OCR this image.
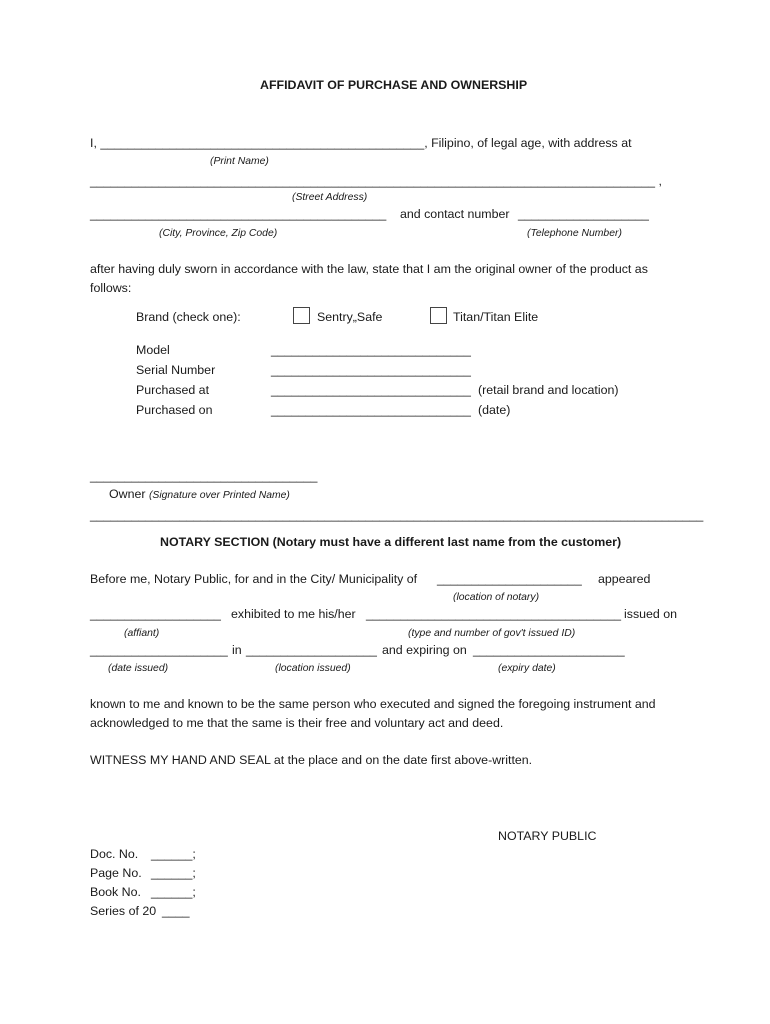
AFFIDAVIT OF PURCHASE AND OWNERSHIP
I, _______________________________________________, Filipino, of legal age, with address at
(Print Name)
__________________________________________________________________________________ ,
(Street Address)
___________________________________________ and contact number ___________________
(City, Province, Zip Code)	(Telephone Number)
after having duly sworn in accordance with the law, state that I am the original owner of the product as
follows:
Brand (check one):	Sentry„Safe	Titan/Titan Elite
Model	_____________________________
Serial Number	_____________________________
Purchased at	_____________________________ (retail brand and location)
Purchased on	_____________________________ (date)
_________________________________
Owner (Signature over Printed Name)
_________________________________________________________________________________________
NOTARY SECTION (Notary must have a different last name from the customer)
Before me, Notary Public, for and in the City/ Municipality of _____________________ appeared
(location of notary)
___________________ exhibited to me his/her _____________________________________ issued on
(affiant)	(type and number of gov't issued ID)
____________________ in ___________________ and expiring on ______________________
(date issued)	(location issued)	(expiry date)
known to me and known to be the same person who executed and signed the foregoing instrument and
acknowledged to me that the same is their free and voluntary act and deed.
WITNESS MY HAND AND SEAL at the place and on the date first above-written.
NOTARY PUBLIC
Doc. No. ______;
Page No. ______;
Book No. ______;
Series of 20 ____
